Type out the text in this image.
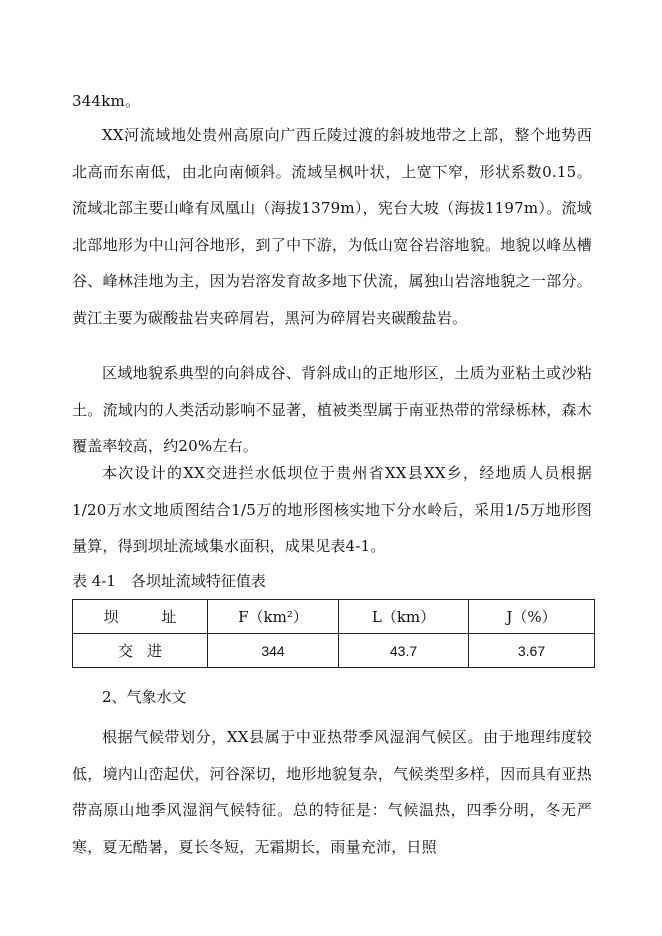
344km。

XX河流域地处贵州高原向广西丘陵过渡的斜坡地带之上部，整个地势西北高而东南低，由北向南倾斜。流域呈枫叶状，上宽下窄，形状系数0.15。流域北部主要山峰有凤凰山（海拔1379m），宪台大坡（海拔1197m）。流域北部地形为中山河谷地形，到了中下游，为低山宽谷岩溶地貌。地貌以峰丛槽谷、峰林洼地为主，因为岩溶发育故多地下伏流，属独山岩溶地貌之一部分。黄江主要为碳酸盐岩夹碎屑岩，黑河为碎屑岩夹碳酸盐岩。

区域地貌系典型的向斜成谷、背斜成山的正地形区，土质为亚粘土或沙粘土。流域内的人类活动影响不显著，植被类型属于南亚热带的常绿栎林，森木覆盖率较高，约20%左右。

本次设计的XX交进拦水低坝位于贵州省XX县XX乡，经地质人员根据1/20万水文地质图结合1/5万的地形图核实地下分水岭后，采用1/5万地形图量算，得到坝址流域集水面积，成果见表4-1。

表 4-1　各坝址流域特征值表
坝　址	F（km²）	L（km）	J（%）
交进	344	43.7	3.67
2、气象水文

根据气候带划分，XX县属于中亚热带季风湿润气候区。由于地理纬度较低，境内山峦起伏，河谷深切，地形地貌复杂，气候类型多样，因而具有亚热带高原山地季风湿润气候特征。总的特征是：气候温热，四季分明，冬无严寒，夏无酷暑，夏长冬短，无霜期长，雨量充沛，日照
